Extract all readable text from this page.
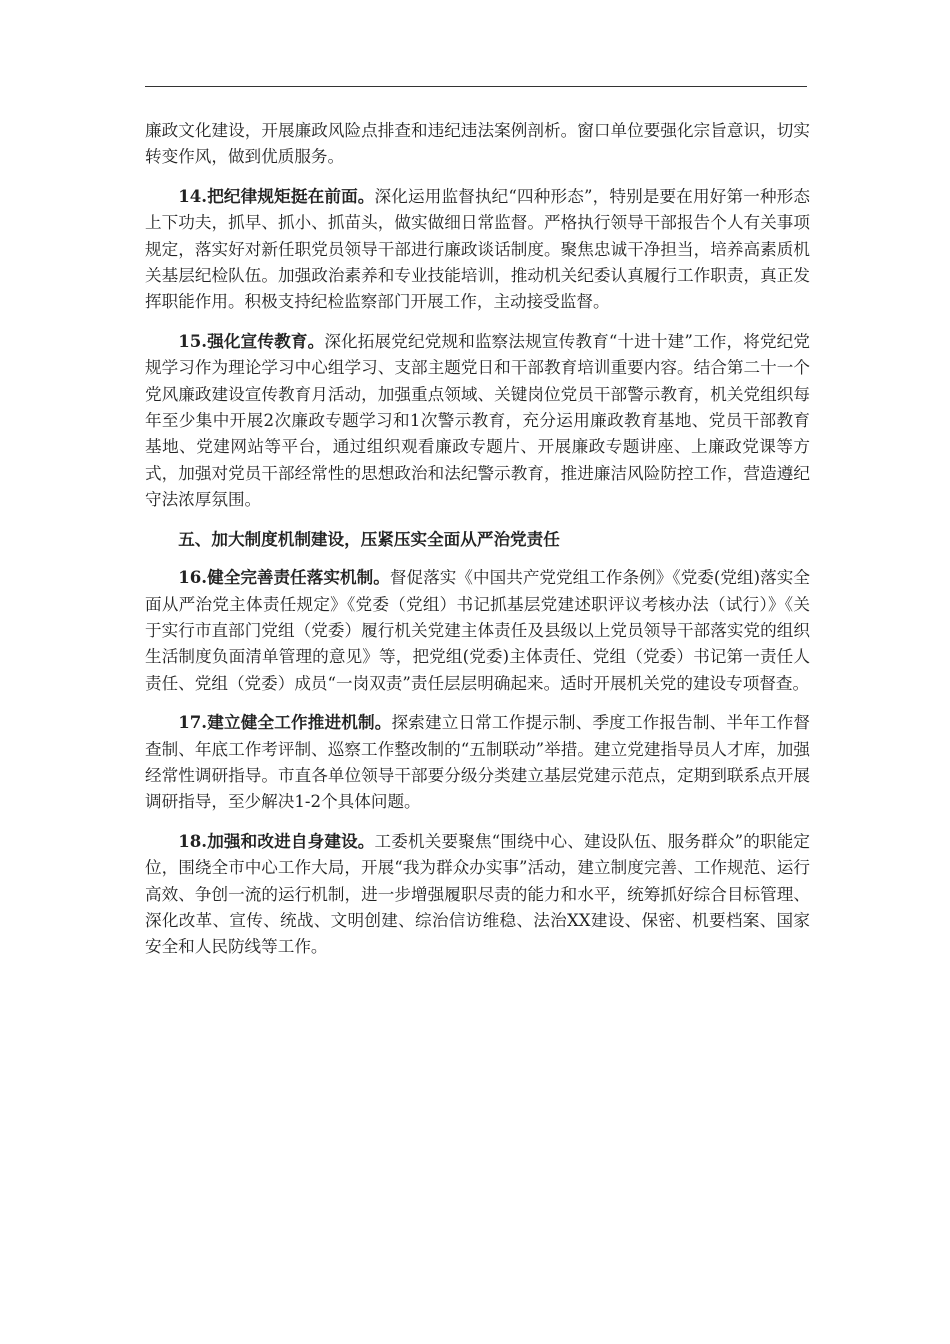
廉政文化建设，开展廉政风险点排查和违纪违法案例剖析。窗口单位要强化宗旨意识，切实转变作风，做到优质服务。

14.把纪律规矩挺在前面。深化运用监督执纪“四种形态”，特别是要在用好第一种形态上下功夫，抓早、抓小、抓苗头，做实做细日常监督。严格执行领导干部报告个人有关事项规定，落实好对新任职党员领导干部进行廉政谈话制度。聚焦忠诚干净担当，培养高素质机关基层纪检队伍。加强政治素养和专业技能培训，推动机关纪委认真履行工作职责，真正发挥职能作用。积极支持纪检监察部门开展工作，主动接受监督。

15.强化宣传教育。深化拓展党纪党规和监察法规宣传教育“十进十建”工作，将党纪党规学习作为理论学习中心组学习、支部主题党日和干部教育培训重要内容。结合第二十一个党风廉政建设宣传教育月活动，加强重点领域、关键岗位党员干部警示教育，机关党组织每年至少集中开展2次廉政专题学习和1次警示教育，充分运用廉政教育基地、党员干部教育基地、党建网站等平台，通过组织观看廉政专题片、开展廉政专题讲座、上廉政党课等方式，加强对党员干部经常性的思想政治和法纪警示教育，推进廉洁风险防控工作，营造遵纪守法浓厚氛围。

五、加大制度机制建设，压紧压实全面从严治党责任

16.健全完善责任落实机制。督促落实《中国共产党党组工作条例》《党委(党组)落实全面从严治党主体责任规定》《党委（党组）书记抓基层党建述职评议考核办法（试行）》《关于实行市直部门党组（党委）履行机关党建主体责任及县级以上党员领导干部落实党的组织生活制度负面清单管理的意见》等，把党组(党委)主体责任、党组（党委）书记第一责任人责任、党组（党委）成员“一岗双责”责任层层明确起来。适时开展机关党的建设专项督查。

17.建立健全工作推进机制。探索建立日常工作提示制、季度工作报告制、半年工作督查制、年底工作考评制、巡察工作整改制的“五制联动”举措。建立党建指导员人才库，加强经常性调研指导。市直各单位领导干部要分级分类建立基层党建示范点，定期到联系点开展调研指导，至少解决1-2个具体问题。

18.加强和改进自身建设。工委机关要聚焦“围绕中心、建设队伍、服务群众”的职能定位，围绕全市中心工作大局，开展“我为群众办实事”活动，建立制度完善、工作规范、运行高效、争创一流的运行机制，进一步增强履职尽责的能力和水平，统筹抓好综合目标管理、深化改革、宣传、统战、文明创建、综治信访维稳、法治XX建设、保密、机要档案、国家安全和人民防线等工作。
